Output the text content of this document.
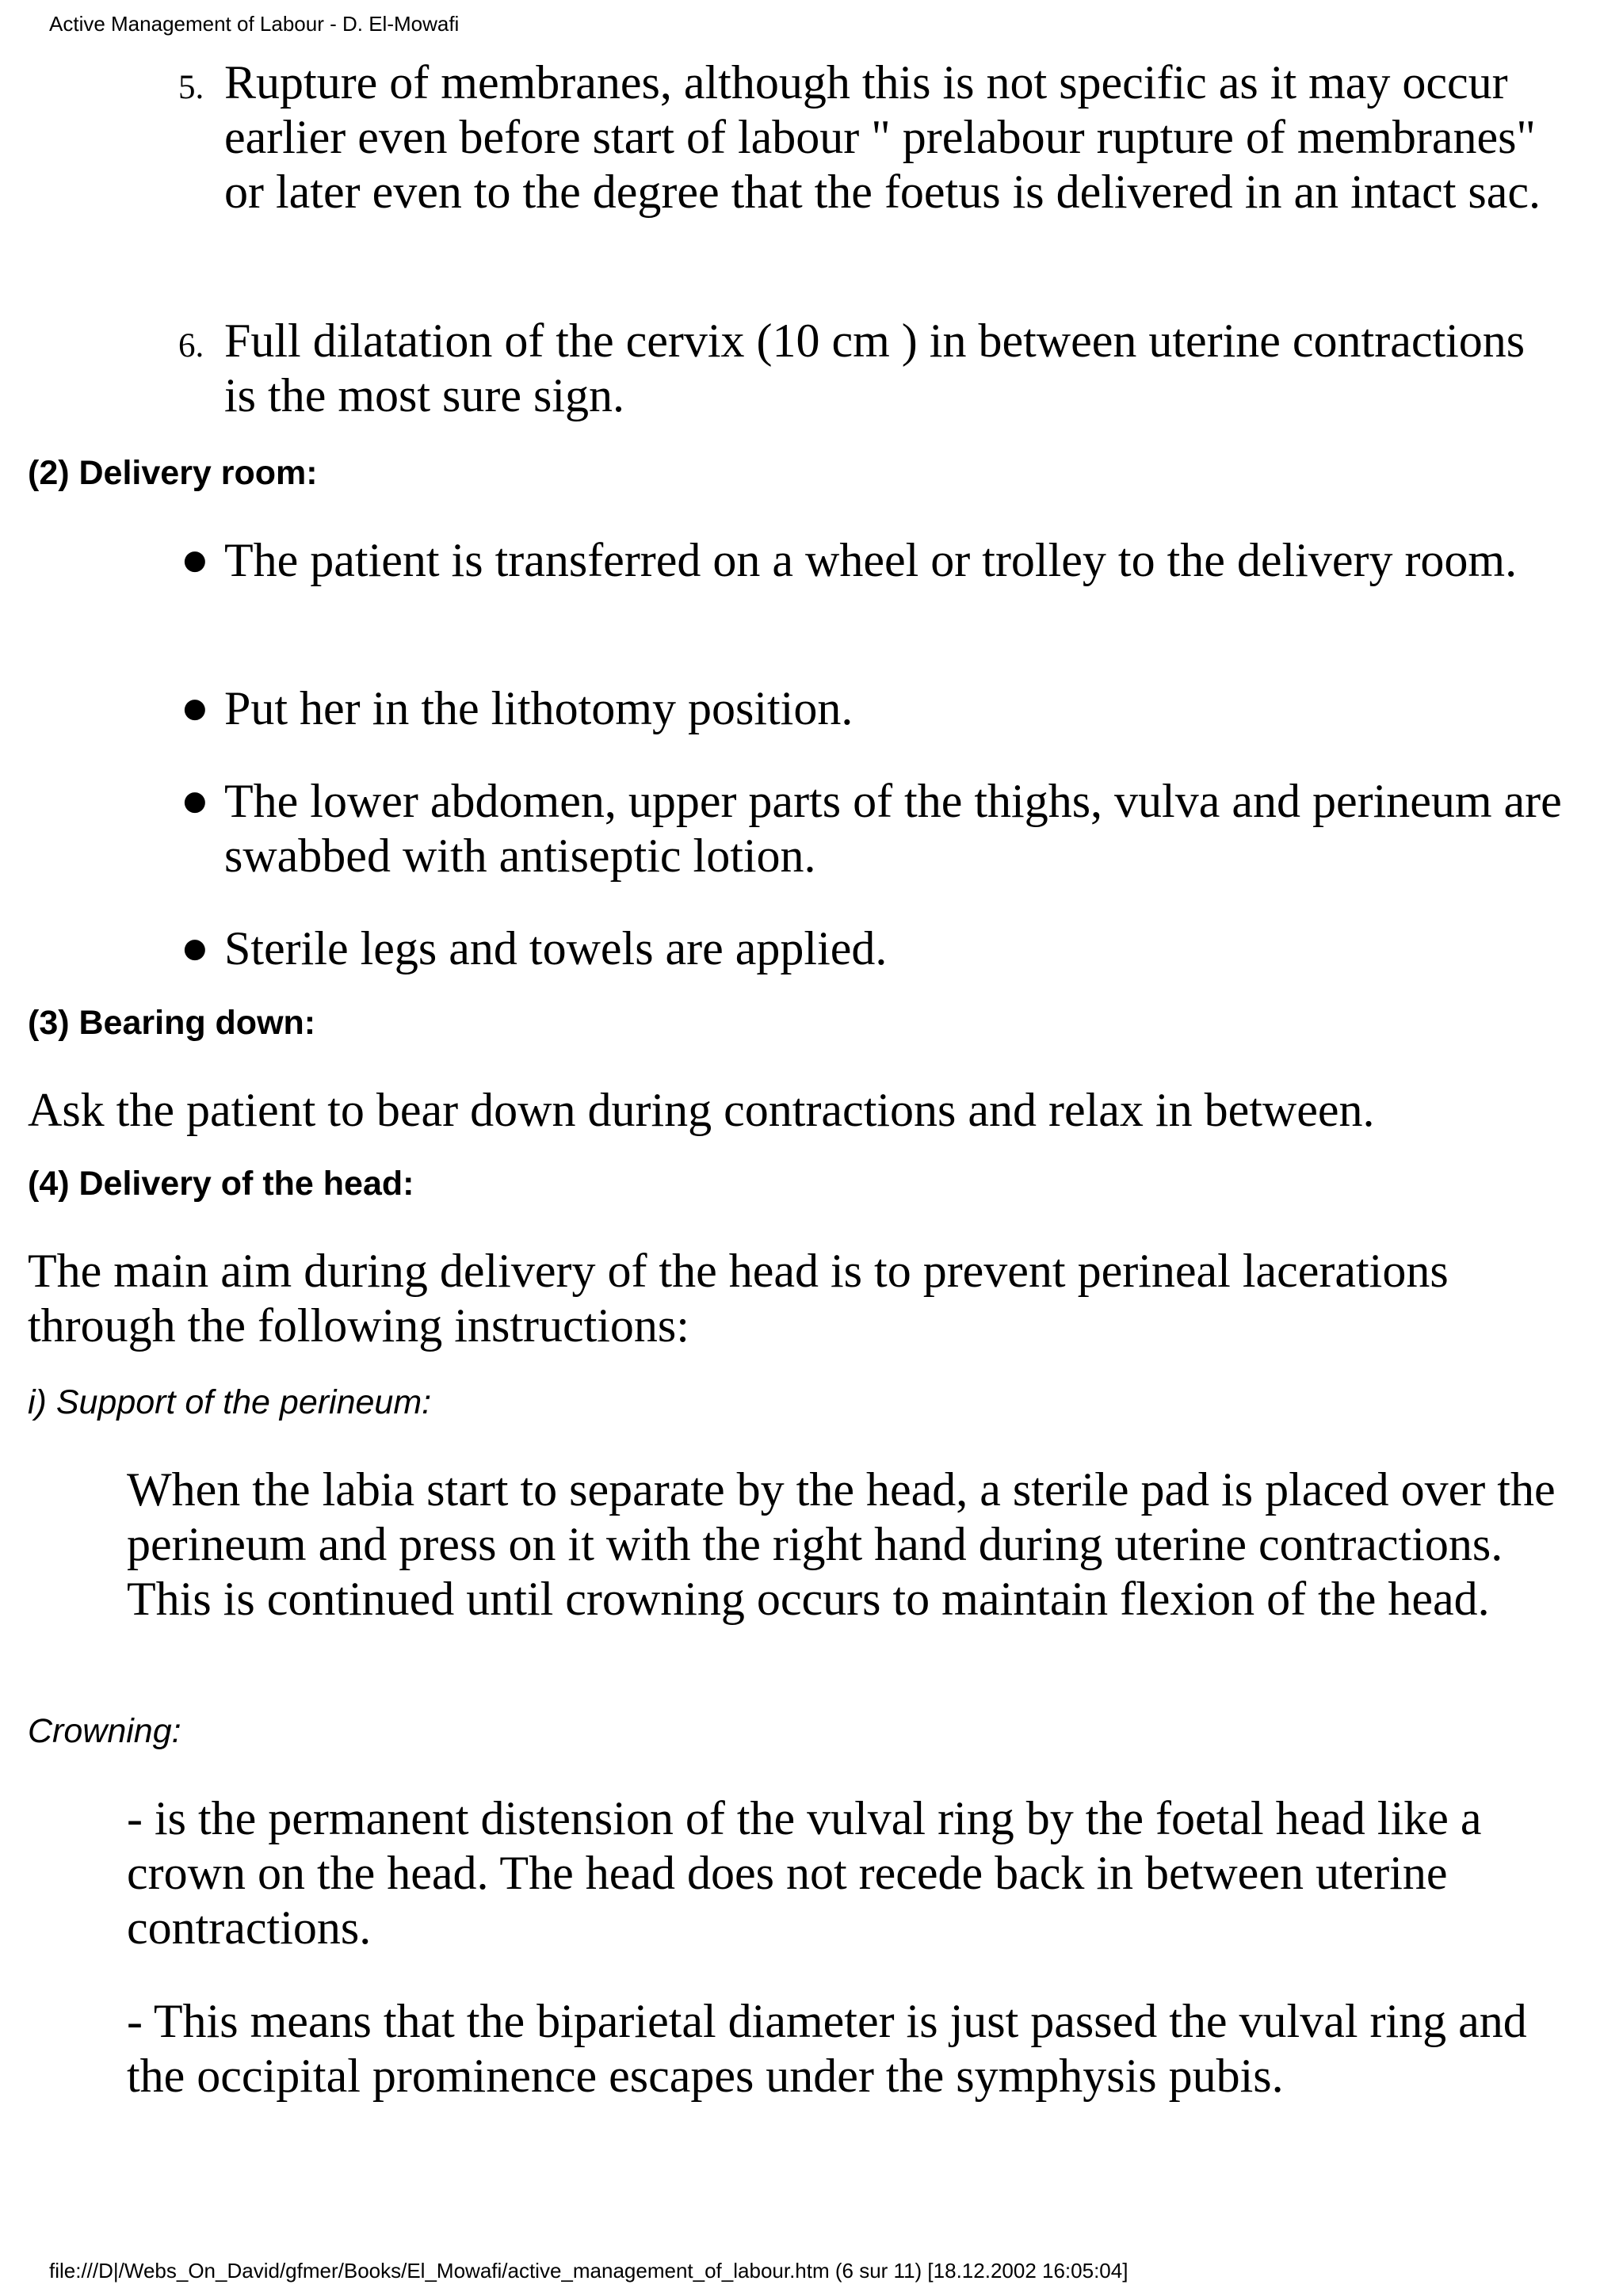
Active Management of Labour - D. El-Mowafi
5. Rupture of membranes, although this is not specific as it may occur earlier even before start of labour " prelabour rupture of membranes" or later even to the degree that the foetus is delivered in an intact sac.
6. Full dilatation of the cervix (10 cm ) in between uterine contractions is the most sure sign.
(2) Delivery room:
● The patient is transferred on a wheel or trolley to the delivery room.
● Put her in the lithotomy position.
● The lower abdomen, upper parts of the thighs, vulva and perineum are swabbed with antiseptic lotion.
● Sterile legs and towels are applied.
(3) Bearing down:
Ask the patient to bear down during contractions and relax in between.
(4) Delivery of the head:
The main aim during delivery of the head is to prevent perineal lacerations through the following instructions:
i) Support of the perineum:
When the labia start to separate by the head, a sterile pad is placed over the perineum and press on it with the right hand during uterine contractions. This is continued until crowning occurs to maintain flexion of the head.
Crowning:
- is the permanent distension of the vulval ring by the foetal head like a crown on the head. The head does not recede back in between uterine contractions.
- This means that the biparietal diameter is just passed the vulval ring and the occipital prominence escapes under the symphysis pubis.
file:///D|/Webs_On_David/gfmer/Books/El_Mowafi/active_management_of_labour.htm (6 sur 11) [18.12.2002 16:05:04]
